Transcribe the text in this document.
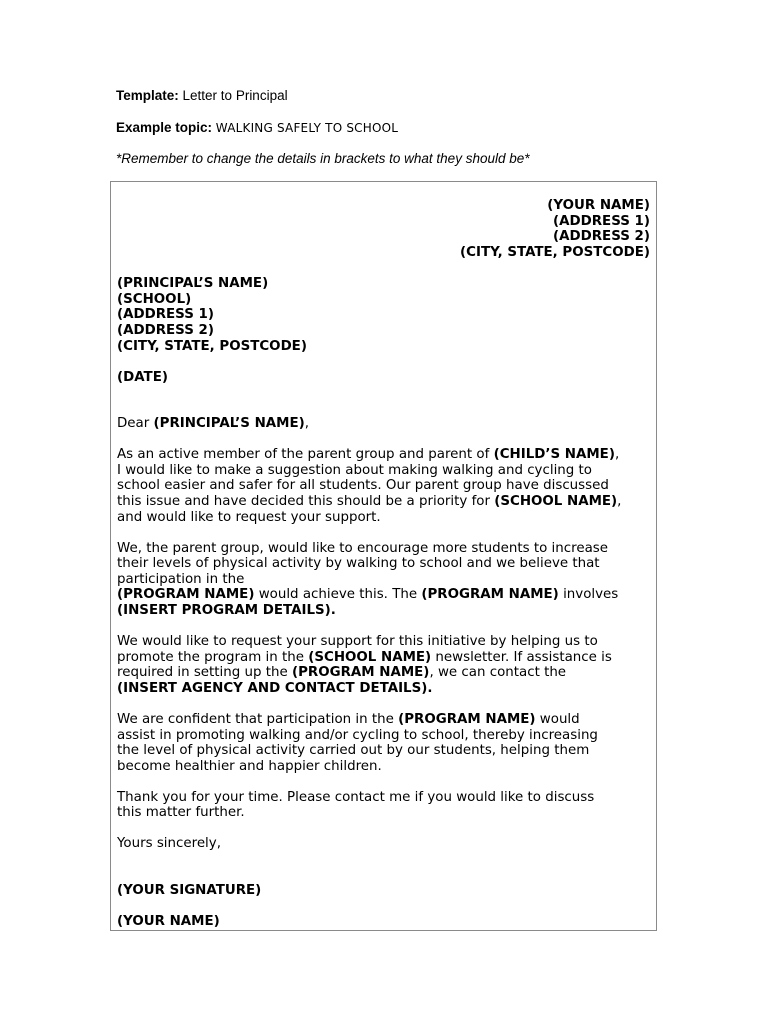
Template: Letter to Principal
Example topic: WALKING SAFELY TO SCHOOL
*Remember to change the details in brackets to what they should be*
(YOUR NAME)
(ADDRESS 1)
(ADDRESS 2)
(CITY, STATE, POSTCODE)
(PRINCIPAL’S NAME)
(SCHOOL)
(ADDRESS 1)
(ADDRESS 2)
(CITY, STATE, POSTCODE)
(DATE)
Dear (PRINCIPAL’S NAME),
As an active member of the parent group and parent of (CHILD’S NAME),
I would like to make a suggestion about making walking and cycling to
school easier and safer for all students. Our parent group have discussed
this issue and have decided this should be a priority for (SCHOOL NAME),
and would like to request your support.
We, the parent group, would like to encourage more students to increase
their levels of physical activity by walking to school and we believe that
participation in the
(PROGRAM NAME) would achieve this. The (PROGRAM NAME) involves
(INSERT PROGRAM DETAILS).
We would like to request your support for this initiative by helping us to
promote the program in the (SCHOOL NAME) newsletter. If assistance is
required in setting up the (PROGRAM NAME), we can contact the
(INSERT AGENCY AND CONTACT DETAILS).
We are confident that participation in the (PROGRAM NAME) would
assist in promoting walking and/or cycling to school, thereby increasing
the level of physical activity carried out by our students, helping them
become healthier and happier children.
Thank you for your time. Please contact me if you would like to discuss
this matter further.
Yours sincerely,
(YOUR SIGNATURE)
(YOUR NAME)
